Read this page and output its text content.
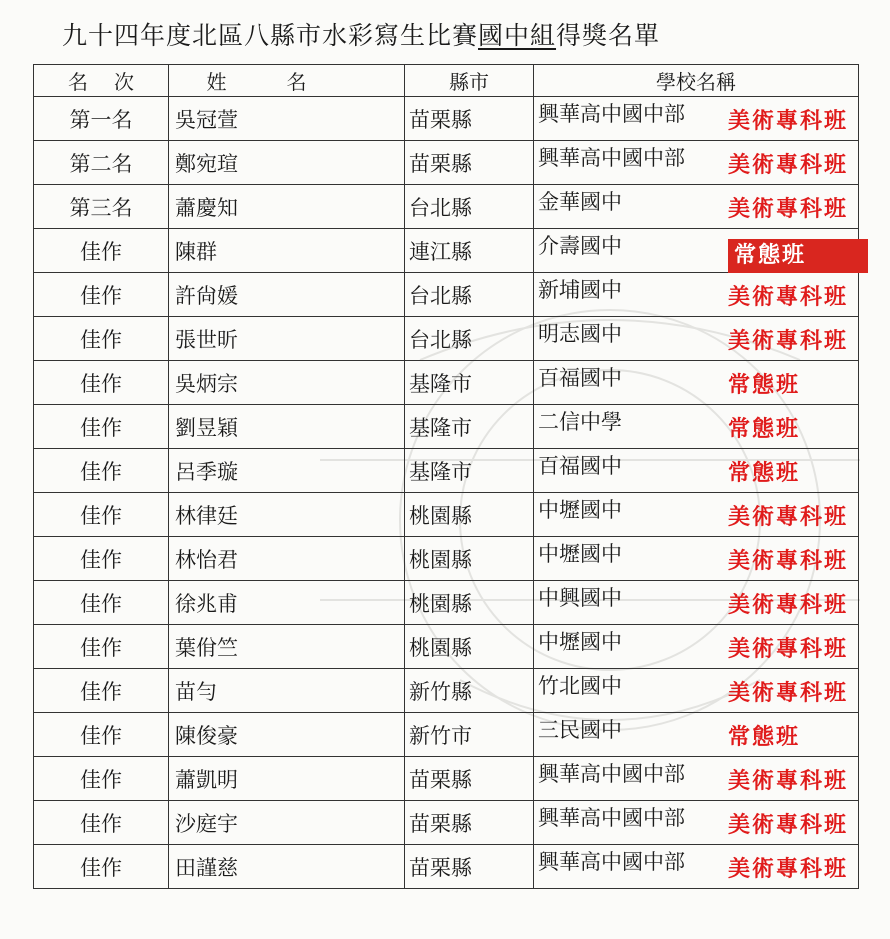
九十四年度北區八縣市水彩寫生比賽國中組得獎名單
名次	姓名	縣市	學校名稱
第一名	吳冠萱	苗栗縣	興華高中國中部 美術專科班

第二名	鄭宛瑄	苗栗縣	興華高中國中部 美術專科班

第三名	蕭慶知	台北縣	金華國中 美術專科班

佳作	陳群	連江縣	介壽國中 常態班

佳作	許尙媛	台北縣	新埔國中 美術專科班

佳作	張世昕	台北縣	明志國中 美術專科班

佳作	吳炳宗	基隆市	百福國中 常態班

佳作	劉昱穎	基隆市	二信中學 常態班

佳作	呂季璇	基隆市	百福國中 常態班

佳作	林律廷	桃園縣	中壢國中 美術專科班

佳作	林怡君	桃園縣	中壢國中 美術專科班

佳作	徐兆甫	桃園縣	中興國中 美術專科班

佳作	葉佾竺	桃園縣	中壢國中 美術專科班

佳作	苗勻	新竹縣	竹北國中 美術專科班

佳作	陳俊豪	新竹市	三民國中 常態班

佳作	蕭凱明	苗栗縣	興華高中國中部 美術專科班

佳作	沙庭宇	苗栗縣	興華高中國中部 美術專科班

佳作	田謹慈	苗栗縣	興華高中國中部 美術專科班
